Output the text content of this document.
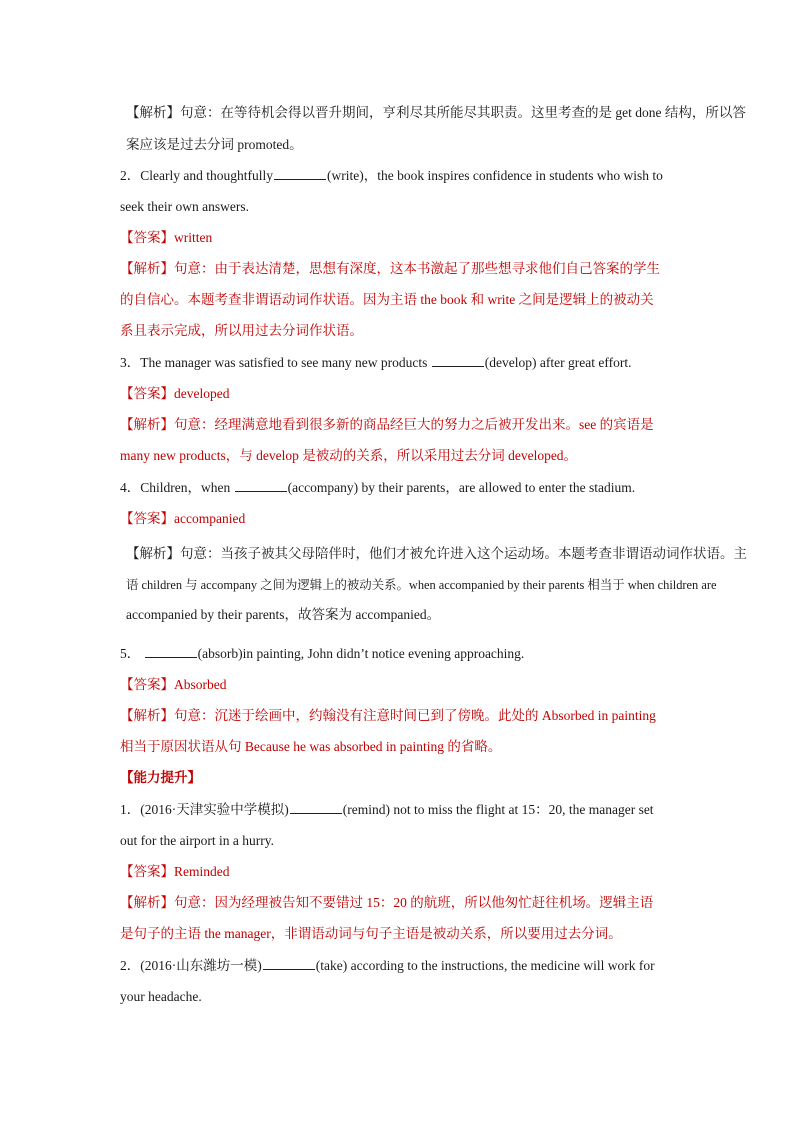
【解析】句意：在等待机会得以晋升期间，亨利尽其所能尽其职责。这里考查的是 get done 结构，所以答
案应该是过去分词 promoted。
2．Clearly and thoughtfully	(write)，the book inspires confidence in students who wish to
seek their own answers.
【答案】written
【解析】句意：由于表达清楚，思想有深度，这本书激起了那些想寻求他们自己答案的学生
的自信心。本题考查非谓语动词作状语。因为主语 the book 和 write 之间是逻辑上的被动关
系且表示完成，所以用过去分词作状语。
3．The manager was satisfied to see many new products	(develop) after great effort.
【答案】developed
【解析】句意：经理满意地看到很多新的商品经巨大的努力之后被开发出来。see 的宾语是
many new products，与 develop 是被动的关系，所以采用过去分词 developed。
4．Children，when	(accompany) by their parents，are allowed to enter the stadium.
【答案】accompanied
【解析】句意：当孩子被其父母陪伴时，他们才被允许进入这个运动场。本题考查非谓语动词作状语。主
语 children 与 accompany 之间为逻辑上的被动关系。when accompanied by their parents 相当于 when children are
accompanied by their parents，故答案为 accompanied。
5．	(absorb)in painting, John didn’t notice evening approaching.
【答案】Absorbed
【解析】句意：沉迷于绘画中，约翰没有注意时间已到了傍晚。此处的 Absorbed in painting
相当于原因状语从句 Because he was absorbed in painting 的省略。
【能力提升】
1．(2016·天津实验中学模拟)	(remind) not to miss the flight at 15：20, the manager set
out for the airport in a hurry.
【答案】Reminded
【解析】句意：因为经理被告知不要错过 15：20 的航班，所以他匆忙赶往机场。逻辑主语
是句子的主语 the manager，非谓语动词与句子主语是被动关系，所以要用过去分词。
2．(2016·山东潍坊一模)	(take) according to the instructions, the medicine will work for
your headache.
